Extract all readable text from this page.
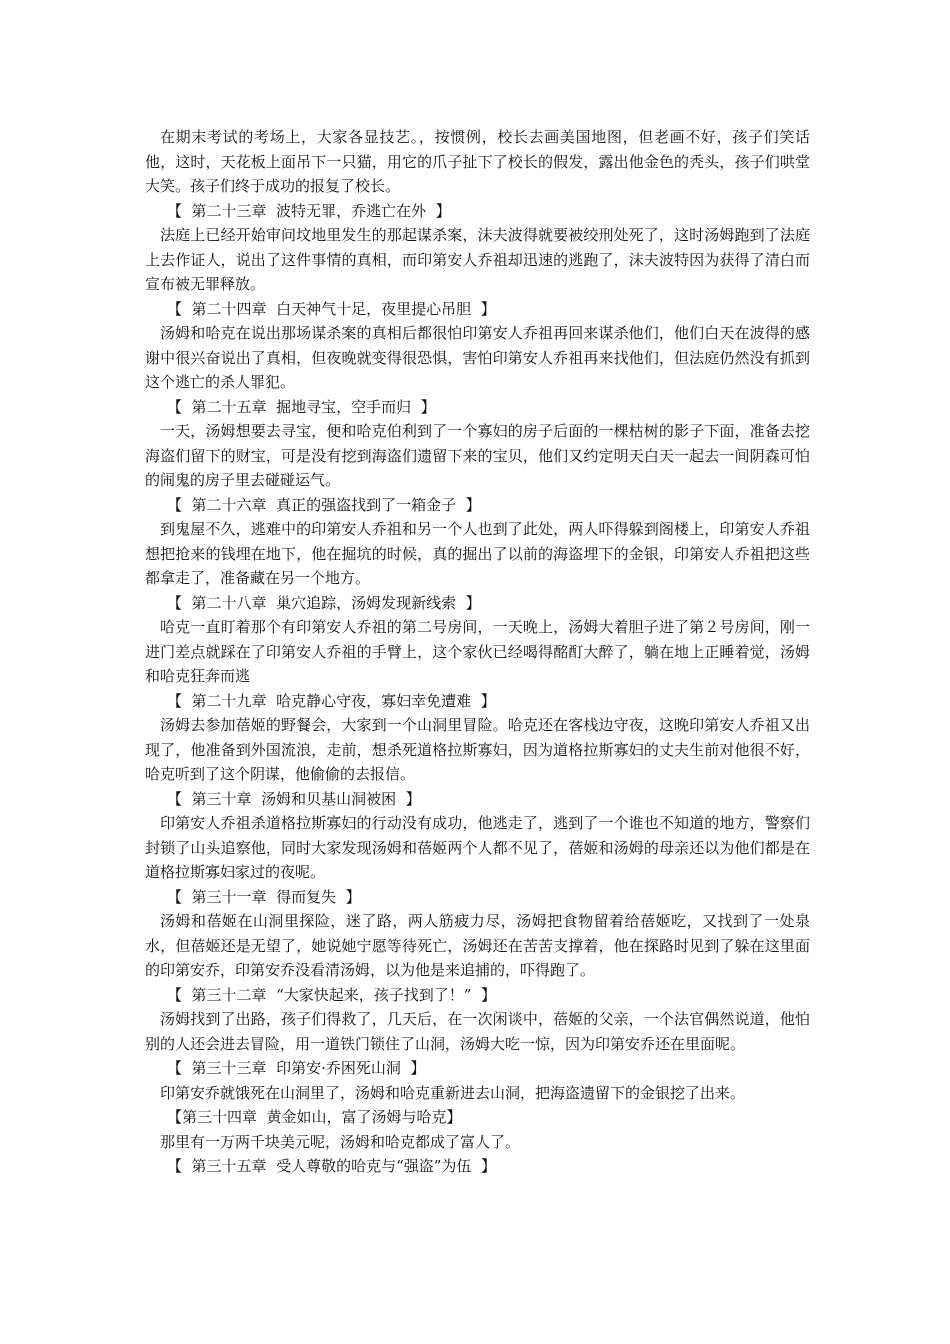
在期末考试的考场上，大家各显技艺。，按惯例，校长去画美国地图，但老画不好，孩子们笑话他，这时，天花板上面吊下一只猫，用它的爪子扯下了校长的假发，露出他金色的秃头，孩子们哄堂大笑。孩子们终于成功的报复了校长。

【  第二十三章  波特无罪，乔逃亡在外  】

法庭上已经开始审问坟地里发生的那起谋杀案，沫夫波得就要被绞刑处死了，这时汤姆跑到了法庭上去作证人，说出了这件事情的真相，而印第安人乔祖却迅速的逃跑了，沫夫波特因为获得了清白而宣布被无罪释放。

【  第二十四章  白天神气十足，夜里提心吊胆  】

汤姆和哈克在说出那场谋杀案的真相后都很怕印第安人乔祖再回来谋杀他们，他们白天在波得的感谢中很兴奋说出了真相，但夜晚就变得很恐惧，害怕印第安人乔祖再来找他们，但法庭仍然没有抓到这个逃亡的杀人罪犯。

【  第二十五章  掘地寻宝，空手而归  】

一天，汤姆想要去寻宝，便和哈克伯利到了一个寡妇的房子后面的一棵枯树的影子下面，准备去挖海盗们留下的财宝，可是没有挖到海盗们遗留下来的宝贝，他们又约定明天白天一起去一间阴森可怕的闹鬼的房子里去碰碰运气。

【  第二十六章  真正的强盗找到了一箱金子  】

到鬼屋不久，逃难中的印第安人乔祖和另一个人也到了此处，两人吓得躲到阁楼上，印第安人乔祖想把抢来的钱埋在地下，他在掘坑的时候，真的掘出了以前的海盗埋下的金银，印第安人乔祖把这些都拿走了，准备藏在另一个地方。

【  第二十八章  巢穴追踪，汤姆发现新线索  】

哈克一直盯着那个有印第安人乔祖的第二号房间，一天晚上，汤姆大着胆子进了第２号房间，刚一进门差点就踩在了印第安人乔祖的手臂上，这个家伙已经喝得酩酊大醉了，躺在地上正睡着觉，汤姆和哈克狂奔而逃

【  第二十九章  哈克静心守夜，寡妇幸免遭难  】

汤姆去参加蓓姬的野餐会，大家到一个山洞里冒险。哈克还在客栈边守夜，这晚印第安人乔祖又出现了，他准备到外国流浪，走前，想杀死道格拉斯寡妇，因为道格拉斯寡妇的丈夫生前对他很不好，哈克听到了这个阴谋，他偷偷的去报信。

【  第三十章  汤姆和贝基山洞被困  】

印第安人乔祖杀道格拉斯寡妇的行动没有成功，他逃走了，逃到了一个谁也不知道的地方，警察们封锁了山头追察他，同时大家发现汤姆和蓓姬两个人都不见了，蓓姬和汤姆的母亲还以为他们都是在道格拉斯寡妇家过的夜呢。

【  第三十一章  得而复失  】

汤姆和蓓姬在山洞里探险，迷了路，两人筋疲力尽，汤姆把食物留着给蓓姬吃，又找到了一处泉水，但蓓姬还是无望了，她说她宁愿等待死亡，汤姆还在苦苦支撑着，他在探路时见到了躲在这里面的印第安乔，印第安乔没看清汤姆，以为他是来追捕的，吓得跑了。

【  第三十二章  “大家快起来，孩子找到了！”  】

汤姆找到了出路，孩子们得救了，几天后，在一次闲谈中，蓓姬的父亲，一个法官偶然说道，他怕别的人还会进去冒险，用一道铁门锁住了山洞，汤姆大吃一惊，因为印第安乔还在里面呢。

【  第三十三章  印第安·乔困死山洞  】

印第安乔就饿死在山洞里了，汤姆和哈克重新进去山洞，把海盗遗留下的金银挖了出来。

【第三十四章  黄金如山，富了汤姆与哈克】

那里有一万两千块美元呢，汤姆和哈克都成了富人了。

【  第三十五章  受人尊敬的哈克与“强盗”为伍  】
